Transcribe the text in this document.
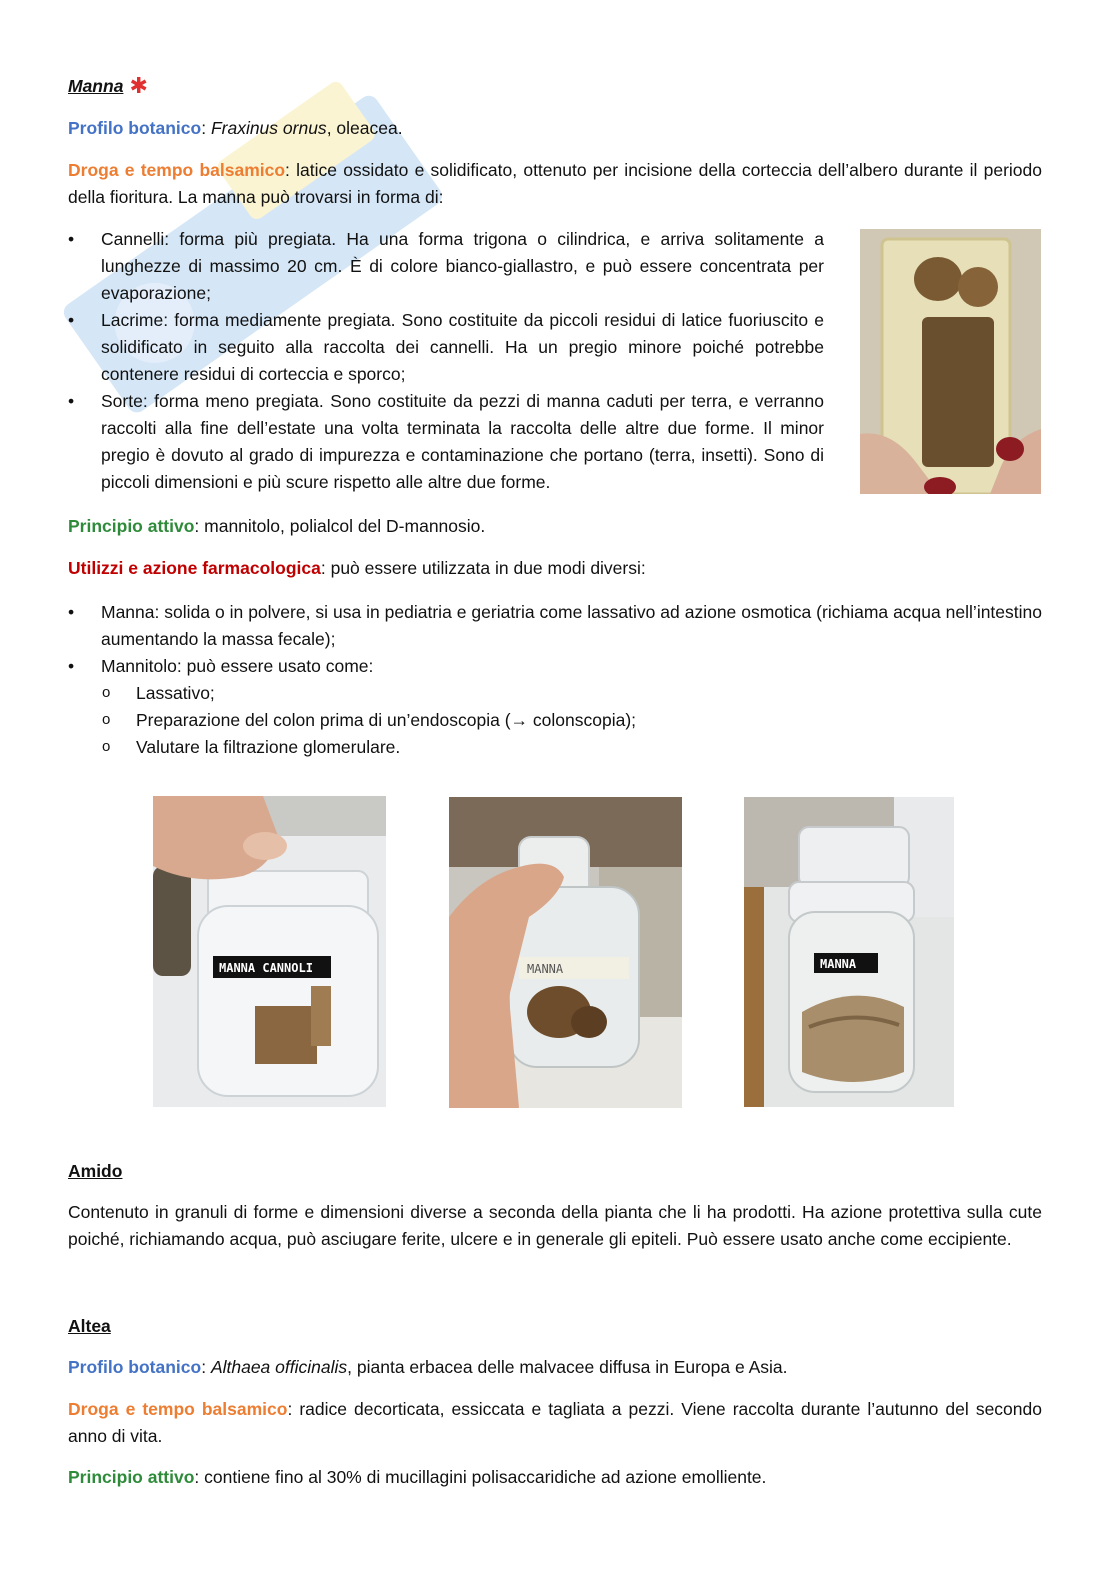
Manna ✱
Profilo botanico: Fraxinus ornus, oleacea.
Droga e tempo balsamico: latice ossidato e solidificato, ottenuto per incisione della corteccia dell’albero durante il periodo della fioritura. La manna può trovarsi in forma di:
• Cannelli: forma più pregiata. Ha una forma trigona o cilindrica, e arriva solitamente a lunghezze di massimo 20 cm. È di colore bianco-giallastro, e può essere concentrata per evaporazione;
• Lacrime: forma mediamente pregiata. Sono costituite da piccoli residui di latice fuoriuscito e solidificato in seguito alla raccolta dei cannelli. Ha un pregio minore poiché potrebbe contenere residui di corteccia e sporco;
• Sorte: forma meno pregiata. Sono costituite da pezzi di manna caduti per terra, e verranno raccolti alla fine dell’estate una volta terminata la raccolta delle altre due forme. Il minor pregio è dovuto al grado di impurezza e contaminazione che portano (terra, insetti). Sono di piccoli dimensioni e più scure rispetto alle altre due forme.
Principio attivo: mannitolo, polialcol del D-mannosio.
Utilizzi e azione farmacologica: può essere utilizzata in due modi diversi:
• Manna: solida o in polvere, si usa in pediatria e geriatria come lassativo ad azione osmotica (richiama acqua nell’intestino aumentando la massa fecale);
• Mannitolo: può essere usato come:
o Lassativo;
o Preparazione del colon prima di un’endoscopia (→ colonscopia);
o Valutare la filtrazione glomerulare.
MANNA CANNOLI	MANNA	MANNA
Amido
Contenuto in granuli di forme e dimensioni diverse a seconda della pianta che li ha prodotti. Ha azione protettiva sulla cute poiché, richiamando acqua, può asciugare ferite, ulcere e in generale gli epiteli. Può essere usato anche come eccipiente.
Altea
Profilo botanico: Althaea officinalis, pianta erbacea delle malvacee diffusa in Europa e Asia.
Droga e tempo balsamico: radice decorticata, essiccata e tagliata a pezzi. Viene raccolta durante l’autunno del secondo anno di vita.
Principio attivo: contiene fino al 30% di mucillagini polisaccaridiche ad azione emolliente.
